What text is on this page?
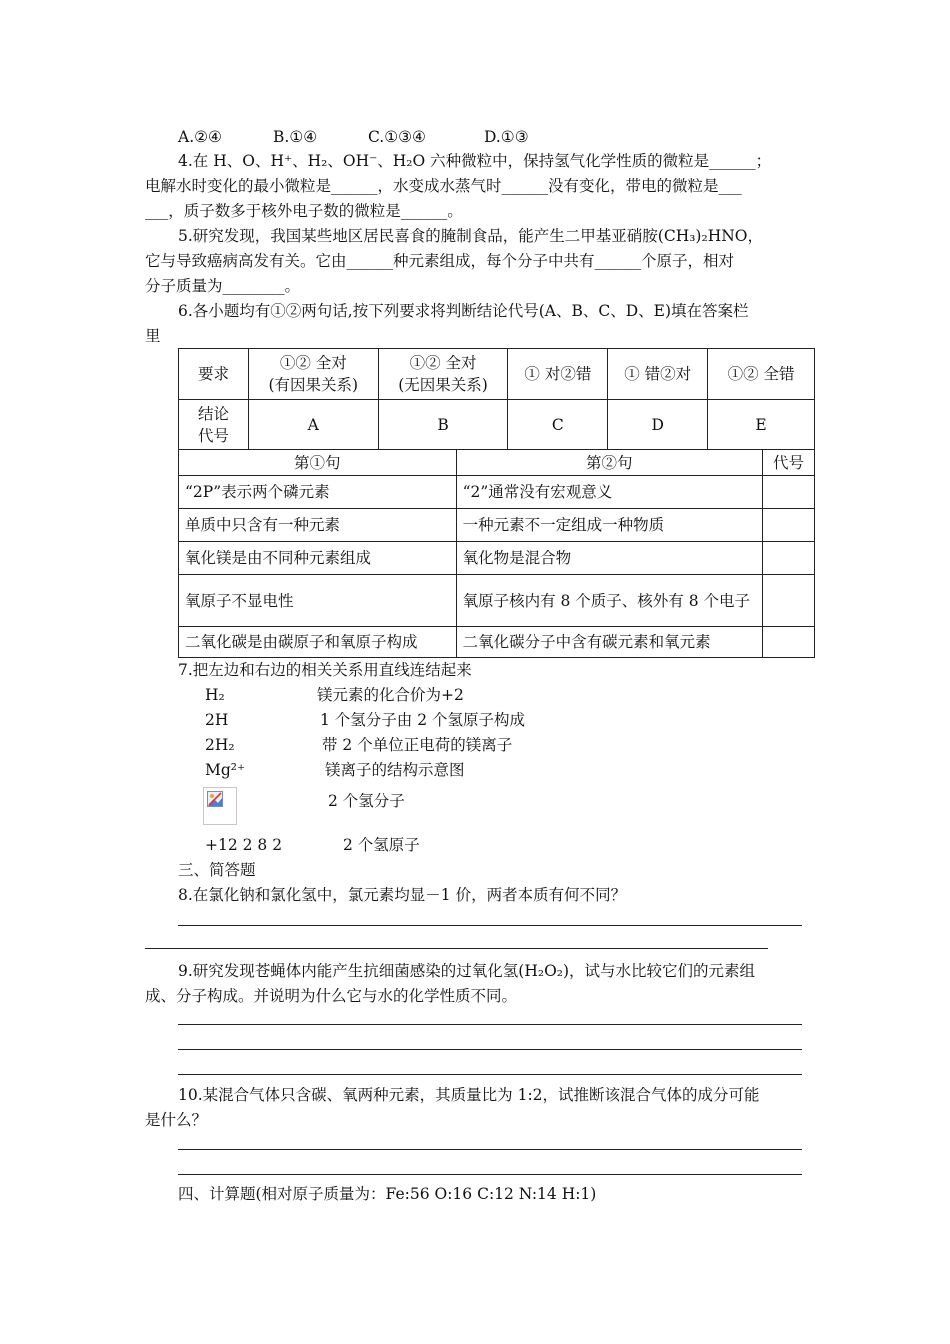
A.②④	B.①④	C.①③④	D.①③
4.在 H、O、H⁺、H₂、OH⁻、H₂O 六种微粒中，保持氢气化学性质的微粒是______；
电解水时变化的最小微粒是______，水变成水蒸气时______没有变化，带电的微粒是___
___，质子数多于核外电子数的微粒是______。
5.研究发现，我国某些地区居民喜食的腌制食品，能产生二甲基亚硝胺(CH₃)₂HNO，
它与导致癌病高发有关。它由______种元素组成，每个分子中共有______个原子，相对
分子质量为________。
6.各小题均有①②两句话,按下列要求将判断结论代号(A、B、C、D、E)填在答案栏
里
要求	①② 全对
(有因果关系)	①② 全对
(无因果关系)	① 对②错	① 错②对	①② 全错
结论
代号	A	B	C	D	E
第①句	第②句	代号
“2P”表示两个磷元素	“2”通常没有宏观意义	
单质中只含有一种元素	一种元素不一定组成一种物质	
氧化镁是由不同种元素组成	氧化物是混合物	
氧原子不显电性	氧原子核内有 8 个质子、核外有 8 个电子	
二氧化碳是由碳原子和氧原子构成	二氧化碳分子中含有碳元素和氧元素	
7.把左边和右边的相关关系用直线连结起来
H₂
2H
2H₂
Mg²⁺
+12 2 8 2
镁元素的化合价为+2
1 个氢分子由 2 个氢原子构成
带 2 个单位正电荷的镁离子
镁离子的结构示意图
2 个氢分子
2 个氢原子
三、简答题
8.在氯化钠和氯化氢中，氯元素均显－1 价，两者本质有何不同？
9.研究发现苍蝇体内能产生抗细菌感染的过氧化氢(H₂O₂)，试与水比较它们的元素组
成、分子构成。并说明为什么它与水的化学性质不同。
10.某混合气体只含碳、氧两种元素，其质量比为 1:2，试推断该混合气体的成分可能
是什么？
四、计算题(相对原子质量为：Fe:56 O:16 C:12 N:14 H:1)
